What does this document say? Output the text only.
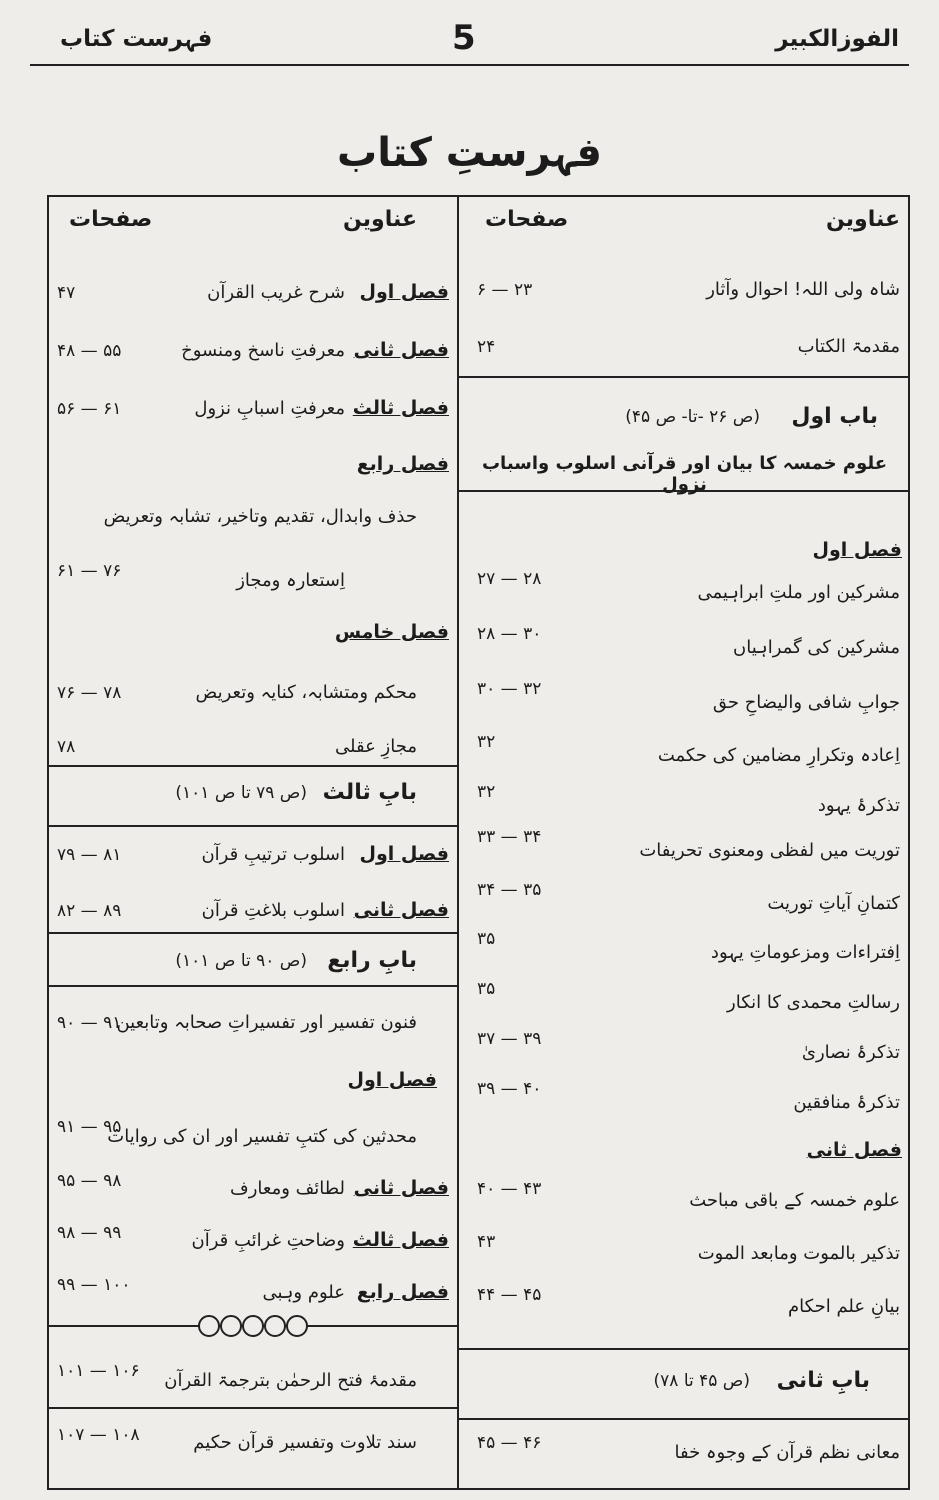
الفوزالکبیر
5
فہرست کتاب
فہرستِ کتاب
عناوین
صفحات
شاہ ولی اللہ! احوال وآثار
۶ — ۲۳
مقدمۃ الکتاب
۲۴
باب اول
(ص ۲۶ -تا- ص ۴۵)
علوم خمسہ کا بیان اور قرآنی اسلوب واسباب نزول
فصل اول
مشرکین اور ملتِ ابراہیمی
۲۷ — ۲۸
مشرکین کی گمراہیاں
۲۸ — ۳۰
جوابِ شافی والیضاحِ حق
۳۰ — ۳۲
اِعادہ وتکرارِ مضامین کی حکمت
۳۲
تذکرۂ یہود
۳۲
توریت میں لفظی ومعنوی تحریفات
۳۳ — ۳۴
کتمانِ آیاتِ توریت
۳۴ — ۳۵
اِفتراءات ومزعوماتِ یہود
۳۵
رسالتِ محمدی کا انکار
۳۵
تذکرۂ نصاریٰ
۳۷ — ۳۹
تذکرۂ منافقین
۳۹ — ۴۰
فصل ثانی
علوم خمسہ کے باقی مباحث
۴۰ — ۴۳
تذکیر بالموت ومابعد الموت
۴۳
بیانِ علم احکام
۴۴ — ۴۵
بابِ ثانی
(ص ۴۵ تا ۷۸)
معانی نظم قرآن کے وجوہ خفا
۴۵ — ۴۶
عناوین
صفحات
فصل اول
شرح غریب القرآن
۴۷
فصل ثانی
معرفتِ ناسخ ومنسوخ
۴۸ — ۵۵
فصل ثالث
معرفتِ اسبابِ نزول
۵۶ — ۶۱
فصل رابع
حذف وابدال، تقدیم وتاخیر، تشابہ وتعریض
اِستعارہ ومجاز
۶۱ — ۷۶
فصل خامس
محکم ومتشابہ، کنایہ وتعریض
۷۶ — ۷۸
مجازِ عقلی
۷۸
بابِ ثالث
(ص ۷۹ تا ص ۱۰۱)
فصل اول
اسلوب ترتیبِ قرآن
۷۹ — ۸۱
فصل ثانی
اسلوب بلاغتِ قرآن
۸۲ — ۸۹
بابِ رابع
(ص ۹۰ تا ص ۱۰۱)
فنون تفسیر اور تفسیراتِ صحابہ وتابعین
۹۰ — ۹۱
فصل اول
محدثین کی کتبِ تفسیر اور ان کی روایات
۹۱ — ۹۵
فصل ثانی
لطائف ومعارف
۹۵ — ۹۸
فصل ثالث
وضاحتِ غرائبِ قرآن
۹۸ — ۹۹
فصل رابع
علوم وہبی
۹۹ — ۱۰۰
مقدمۂ فتح الرحمٰن بترجمۃ القرآن
۱۰۱ — ۱۰۶
سند تلاوت وتفسیر قرآن حکیم
۱۰۷ — ۱۰۸
